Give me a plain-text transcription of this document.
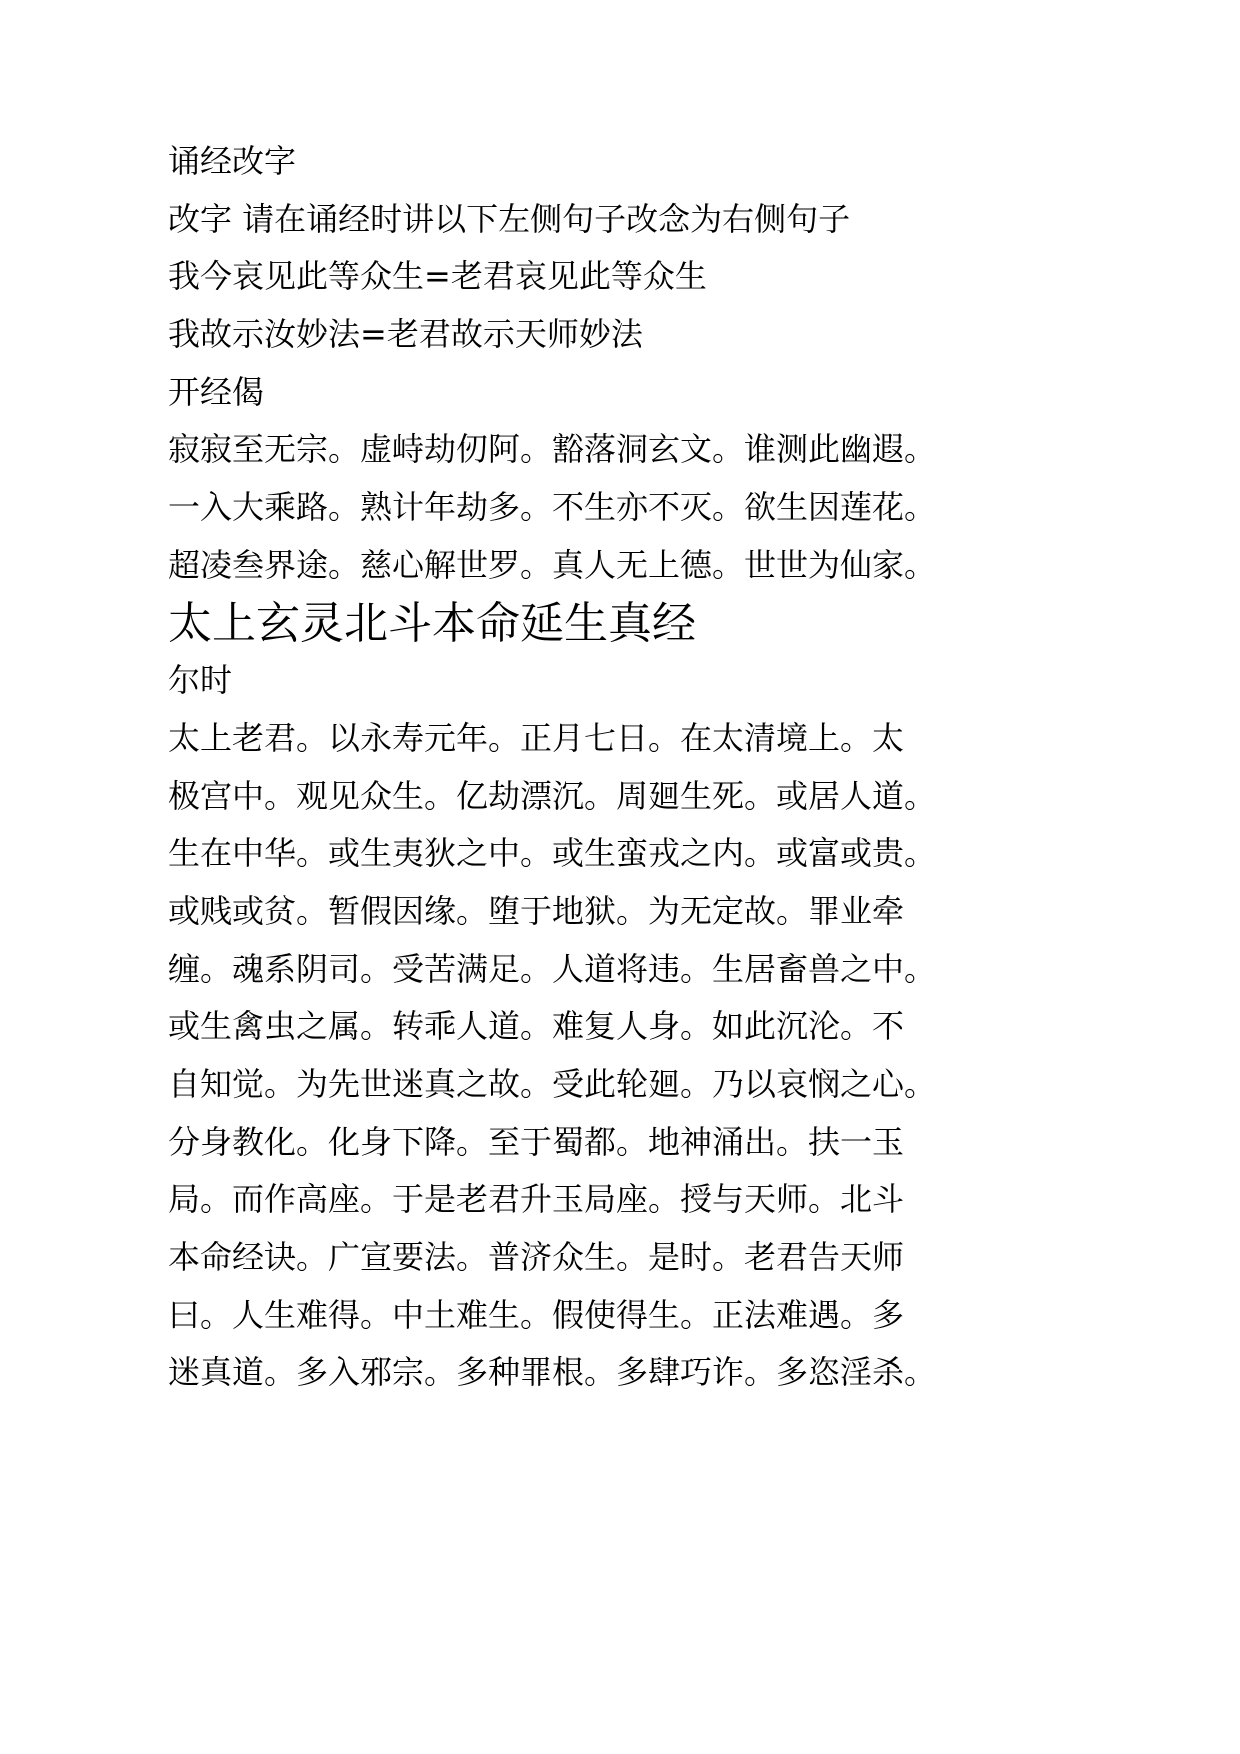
诵经改字
改字 请在诵经时讲以下左侧句子改念为右侧句子
我今哀见此等众生=老君哀见此等众生
我故示汝妙法=老君故示天师妙法
开经偈
寂寂至无宗。虚峙劫仞阿。豁落洞玄文。谁测此幽遐。
一入大乘路。熟计年劫多。不生亦不灭。欲生因莲花。
超凌叁界途。慈心解世罗。真人无上德。世世为仙家。
太上玄灵北斗本命延生真经
尔时
太上老君。以永寿元年。正月七日。在太清境上。太
极宫中。观见众生。亿劫漂沉。周廻生死。或居人道。
生在中华。或生夷狄之中。或生蛮戎之内。或富或贵。
或贱或贫。暂假因缘。堕于地狱。为无定故。罪业牵
缠。魂系阴司。受苦满足。人道将违。生居畜兽之中。
或生禽虫之属。转乖人道。难复人身。如此沉沦。不
自知觉。为先世迷真之故。受此轮廻。乃以哀悯之心。
分身教化。化身下降。至于蜀都。地神涌出。扶一玉
局。而作高座。于是老君升玉局座。授与天师。北斗
本命经诀。广宣要法。普济众生。是时。老君告天师
曰。人生难得。中土难生。假使得生。正法难遇。多
迷真道。多入邪宗。多种罪根。多肆巧诈。多恣淫杀。
